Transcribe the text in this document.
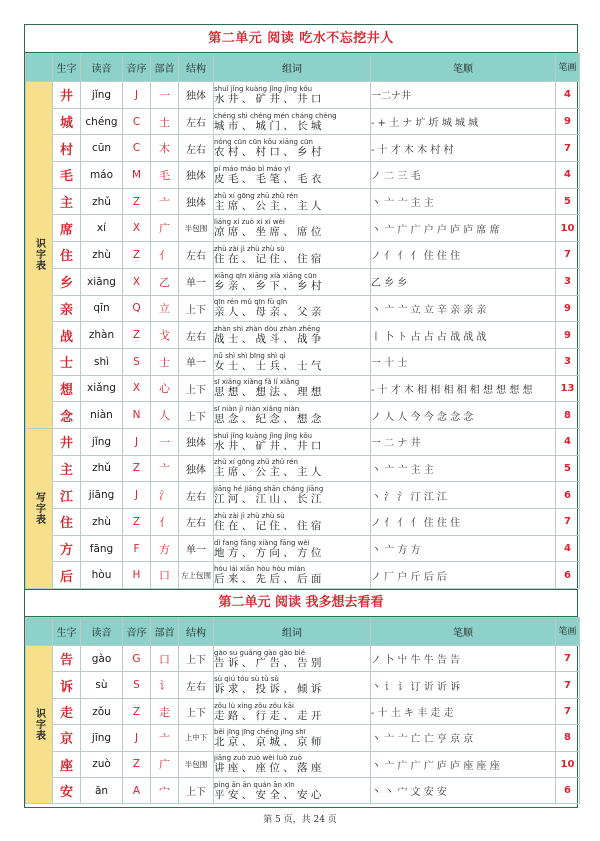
第二单元 阅读 吃水不忘挖井人
	生字	读音	音序	部首	结构	组词	笔顺	笔画

识字表	井	jǐng	J	一	独体	shuǐ jǐng kuàng jǐng jǐng kǒu
水 井 、 矿 井 、 井 口	一二ナ井	4
	城	chéng	C	土	左右	chéng shì chéng mén cháng chéng
城 市 、 城 门 、 长 城	- + 土 ナ 圹 圻 城 城 城	9
	村	cūn	C	木	左右	nóng cūn cūn kǒu xiāng cūn
农 村 、 村 口 、 乡 村	- 十 才 木 木 村 村	7
	毛	máo	M	毛	独体	pí máo máo bǐ máo yī
皮 毛 、 毛 笔 、 毛 衣	ノ 二 三 毛	4
	主	zhǔ	Z	亠	独体	zhǔ xí gōng zhǔ zhǔ rén
主 席 、 公 主 、 主 人	丶 亠 亠 主 主	5
	席	xí	X	广	半包围	liáng xí zuò xí xí wèi
凉 席 、 坐 席 、 席 位	丶 亠 广 广 户 户 庐 庐 席 席	10
	住	zhù	Z	亻	左右	zhù zài jì zhù zhù sù
住 在 、 记 住 、 住 宿	ノ 亻 亻 亻 住 住 住	7
	乡	xiāng	X	乙	单一	xiāng qīn xiāng xià xiāng cūn
乡 亲 、 乡 下 、 乡 村	乙 乡 乡	3
	亲	qīn	Q	立	上下	qīn rén mǔ qīn fù qīn
亲 人 、 母 亲 、 父 亲	丶 亠 亠 立 立 辛 亲 亲 亲	9
	战	zhàn	Z	戈	左右	zhàn shì zhàn dòu zhàn zhēng
战 士 、 战 斗 、 战 争	丨 卜 ト 占 占 占 战 战 战	9
	士	shì	S	士	单一	nǚ shì shì bīng shì qì
女 士 、 士 兵 、 士 气	一 十 士	3
	想	xiǎng	X	心	上下	sī xiǎng xiǎng fǎ lǐ xiǎng
思 想 、 想 法 、 理 想	- 十 才 木 相 相 相 相 相 想 想 想 想	13
	念	niàn	N	人	上下	sī niàn jì niàn xiǎng niàn
思 念 、 纪 念 、 想 念	ノ 人 人 今 今 念 念 念	8

写字表	井	jǐng	J	一	独体	shuǐ jǐng kuàng jǐng jǐng kǒu
水 井 、 矿 井 、 井 口	一 二 ナ 井	4
	主	zhǔ	Z	亠	独体	zhǔ xí gōng zhǔ zhǔ rén
主 席 、 公 主 、 主 人	丶 亠 亠 主 主	5
	江	jiāng	J	氵	左右	jiāng hé jiāng shān cháng jiāng
江 河 、 江 山 、 长 江	丶 氵 氵 汀 江 江	6
	住	zhù	Z	亻	左右	zhù zài jì zhù zhù sù
住 在 、 记 住 、 住 宿	ノ 亻 亻 亻 住 住 住	7
	方	fāng	F	方	单一	dì fang fāng xiàng fāng wèi
地 方 、 方 向 、 方 位	丶 亠 方 方	4
	后	hòu	H	口	左上包围	hòu lái xiān hòu hòu miàn
后 来 、 先 后 、 后 面	ノ 厂 户 斤 后 后	6
第二单元 阅读 我多想去看看
	生字	读音	音序	部首	结构	组词	笔顺	笔画

识字表	告	gào	G	口	上下	gào su guǎng gào gào bié
告 诉 、 广 告 、 告 别	ノ 卜 屮 牛 牛 告 告	7
	诉	sù	S	讠	左右	sù qiú tóu sù tǔ sù
诉 求 、 投 诉 、 倾 诉	丶 讠 讠 订 䜣 䜣 诉	7
	走	zǒu	Z	走	上下	zǒu lù xíng zǒu zǒu kāi
走 路 、 行 走 、 走 开	- 十 土 キ 丰 走 走	7
	京	jīng	J	亠	上中下	běi jīng jīng chéng jīng shī
北 京 、 京 城 、 京 师	丶 亠 亠 亡 亡 亨 京 京	8
	座	zuò	Z	广	半包围	jiǎng zuò zuò wèi luò zuò
讲 座 、 座 位 、 落 座	丶 亠 广 广 广 庐 庐 座 座 座	10
	安	ān	A	宀	上下	píng ān ān quán ān xīn
平 安 、 安 全 、 安 心	丶 丶 宀 文 安 安	6
第 5 页，共 24 页
